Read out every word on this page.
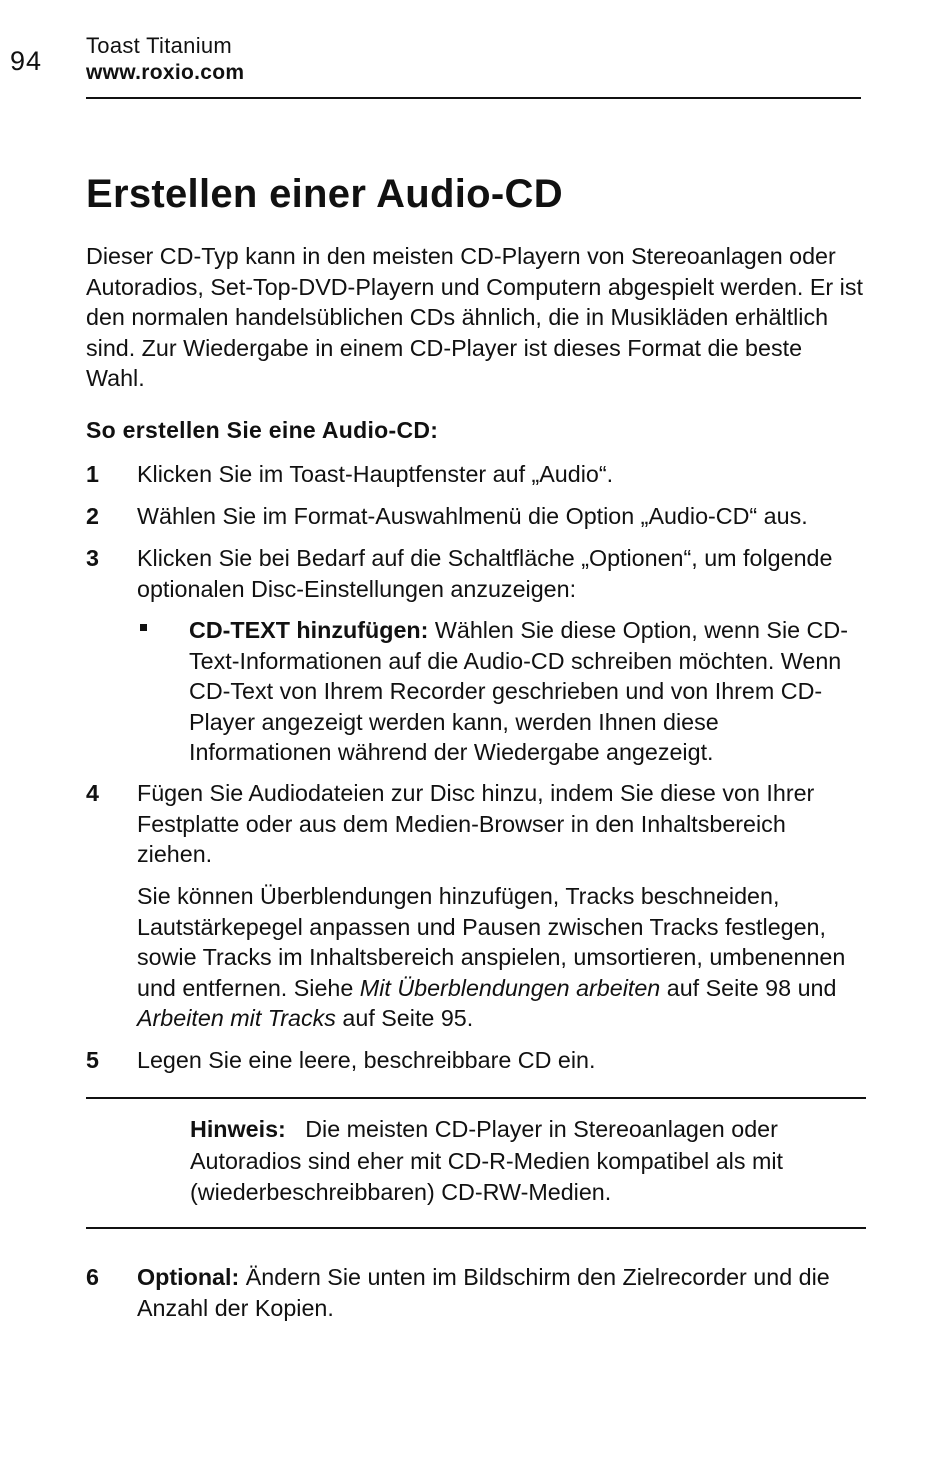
94
Toast Titanium
www.roxio.com
Erstellen einer Audio-CD

Dieser CD-Typ kann in den meisten CD-Playern von Stereoanlagen oder Autoradios, Set-Top-DVD-Playern und Computern abgespielt werden. Er ist den normalen handelsüblichen CDs ähnlich, die in Musikläden erhältlich sind. Zur Wiedergabe in einem CD-Player ist dieses Format die beste Wahl.

So erstellen Sie eine Audio-CD:

1	Klicken Sie im Toast-Hauptfenster auf „Audio“.
2	Wählen Sie im Format-Auswahlmenü die Option „Audio-CD“ aus.
3	Klicken Sie bei Bedarf auf die Schaltfläche „Optionen“, um folgende optionalen Disc-Einstellungen anzuzeigen:
CD-TEXT hinzufügen: Wählen Sie diese Option, wenn Sie CD-Text-Informationen auf die Audio-CD schreiben möchten. Wenn CD-Text von Ihrem Recorder geschrieben und von Ihrem CD-Player angezeigt werden kann, werden Ihnen diese Informationen während der Wiedergabe angezeigt.
4	Fügen Sie Audiodateien zur Disc hinzu, indem Sie diese von Ihrer Festplatte oder aus dem Medien-Browser in den Inhaltsbereich ziehen.
Sie können Überblendungen hinzufügen, Tracks beschneiden, Lautstärkepegel anpassen und Pausen zwischen Tracks festlegen, sowie Tracks im Inhaltsbereich anspielen, umsortieren, umbenennen und entfernen. Siehe Mit Überblendungen arbeiten auf Seite 98 und Arbeiten mit Tracks auf Seite 95.
5	Legen Sie eine leere, beschreibbare CD ein.
Hinweis: Die meisten CD-Player in Stereoanlagen oder Autoradios sind eher mit CD-R-Medien kompatibel als mit (wiederbeschreibbaren) CD-RW-Medien.
6	Optional: Ändern Sie unten im Bildschirm den Zielrecorder und die Anzahl der Kopien.
